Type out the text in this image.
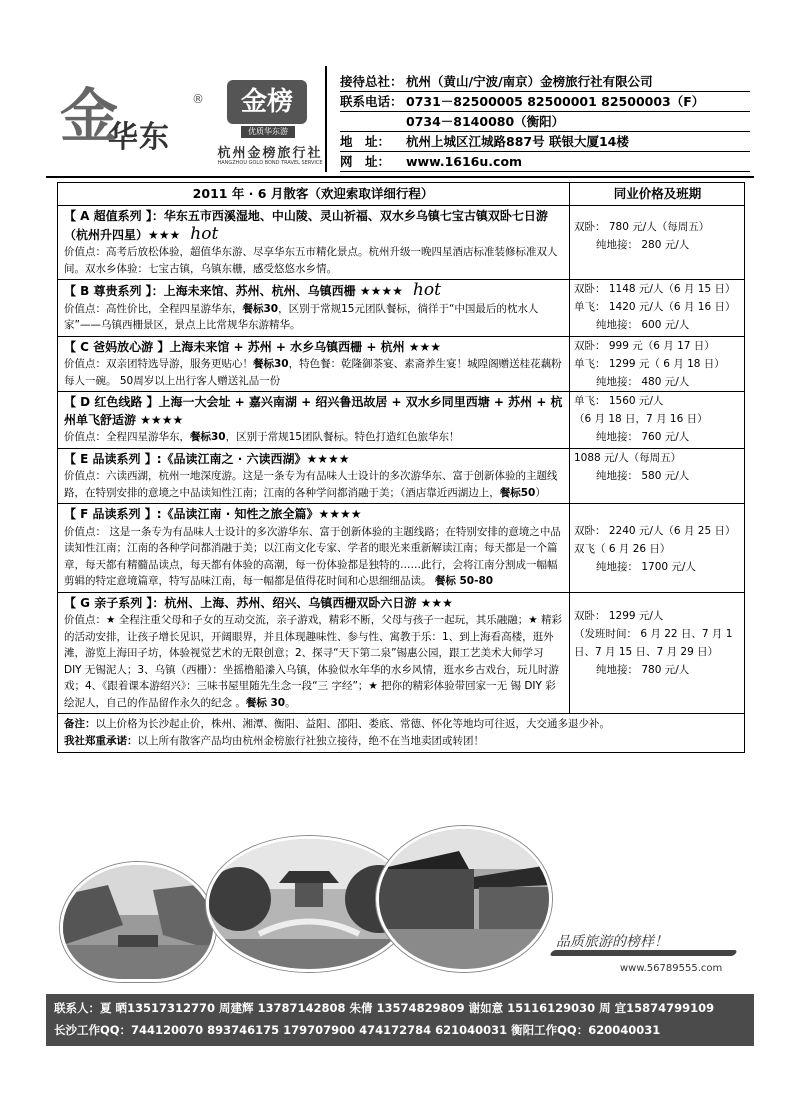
金
华东
®	金榜
优质华东游
杭州金榜旅行社
HANGZHOU GOLD BOND TRAVEL SERVICE
接待总社： 杭州（黄山/宁波/南京）金榜旅行社有限公司
联系电话： 0731－82500005 82500001 82500003（F）
0734－8140080（衡阳）
地　址： 杭州上城区江城路887号 联银大厦14楼
网　址： www.1616u.com
2011 年 · 6 月散客（欢迎索取详细行程）	同业价格及班期
【 A 超值系列 】：华东五市西溪湿地、中山陵、灵山祈福、双水乡乌镇七宝古镇双卧七日游（杭州升四星）★★★ hot
价值点：高考后放松体验，超值华东游、尽享华东五市精化景点。杭州升级一晚四星酒店标准装修标准双人间。双水乡体验：七宝古镇，乌镇东栅，感受悠悠水乡情。
双卧： 780 元/人（每周五）
纯地接： 280 元/人
【 B 尊贵系列 】：上海未来馆、苏州、杭州、乌镇西栅 ★★★★ hot
价值点：高性价比，全程四星游华东，餐标30，区别于常规15元团队餐标，徜徉于“中国最后的枕水人家”——乌镇西栅景区，景点上比常规华东游精华。
双卧： 1148 元/人（6 月 15 日）
单飞： 1420 元/人（6 月 16 日）
纯地接： 600 元/人
【 C 爸妈放心游 】上海未来馆 + 苏州 + 水乡乌镇西栅 + 杭州 ★★★
价值点：双亲团特选导游，服务更贴心！餐标30，特色餐：乾隆御茶宴、素斋养生宴！城隍阁赠送桂花藕粉每人一碗。 50周岁以上出行客人赠送礼品一份
双卧： 999 元（6 月 17 日）
单飞： 1299 元（ 6 月 18 日）
纯地接： 480 元/人
【 D 红色线路 】上海一大会址 + 嘉兴南湖 + 绍兴鲁迅故居 + 双水乡同里西塘 + 苏州 + 杭州单飞舒适游 ★★★★
价值点：全程四星游华东，餐标30，区别于常规15团队餐标。特色打造红色旅华东！
单飞： 1560 元/人
（6 月 18 日，7 月 16 日）
纯地接： 760 元/人
【 E 品读系列 】:《品读江南之 · 六读西湖》★★★★
价值点：六读西湖，杭州一地深度游。这是一条专为有品味人士设计的多次游华东、富于创新体验的主题线路，在特别安排的意境之中品读知性江南；江南的各种学问都消融于美；（酒店靠近西湖边上，餐标50）
1088 元/人（每周五）
纯地接： 580 元/人
【 F 品读系列 】:《品读江南 · 知性之旅全篇》★★★★
价值点： 这是一条专为有品味人士设计的多次游华东、富于创新体验的主题线路；在特别安排的意境之中品读知性江南；江南的各种学问都消融于美；以江南文化专家、学者的眼光来重新解读江南；每天都是一个篇章，每天都有精髓品读点，每天都有体验的高潮，每一份体验都是独特的……此行，会将江南分割成一幅幅剪辑的特定意境篇章，特写品味江南，每一幅都是值得花时间和心思细细品读。 餐标 50-80
双卧： 2240 元/人（6 月 25 日）
双飞（ 6 月 26 日）
纯地接： 1700 元/人
【 G 亲子系列 】：杭州、上海、苏州、绍兴、乌镇西栅双卧六日游 ★★★
价值点：★ 全程注重父母和子女的互动交流，亲子游戏，精彩不断，父母与孩子一起玩，其乐融融；★ 精彩的活动安排，让孩子增长见识，开阔眼界，并且体现趣味性、参与性、寓教于乐：1、到上海看高楼，逛外滩，游览上海田子坊，体验视觉艺术的无限创意；2、探寻“天下第二泉”锡惠公园，跟工艺美术大师学习 DIY 无锡泥人；3、乌镇（西栅）：坐摇橹船潫入乌镇，体验似水年华的水乡风情，逛水乡古戏台，玩儿时游戏；4、《跟着课本游绍兴》：三味书屋里随先生念一段“三 字经”；★ 把你的精彩体验带回家一无 锡 DIY 彩绘泥人，自己的作品留作永久的纪念 。餐标 30。
双卧： 1299 元/人
（发班时间： 6 月 22 日、7 月 1 日、7 月 15 日、7 月 29 日）
纯地接： 780 元/人
备注：以上价格为长沙起止价，株州、湘潭、衡阳、益阳、邵阳、娄底、常德、怀化等地均可往返，大交通多退少补。
我社郑重承诺：以上所有散客产品均由杭州金榜旅行社独立接待，绝不在当地卖团或转团！
品质旅游的榜样！
www.56789555.com
联系人：夏 晒13517312770 周建辉 13787142808 朱倩 13574829809 谢如意 15116129030 周 宜15874799109
长沙工作QQ：744120070 893746175 179707900 474172784 621040031 衡阳工作QQ：620040031
